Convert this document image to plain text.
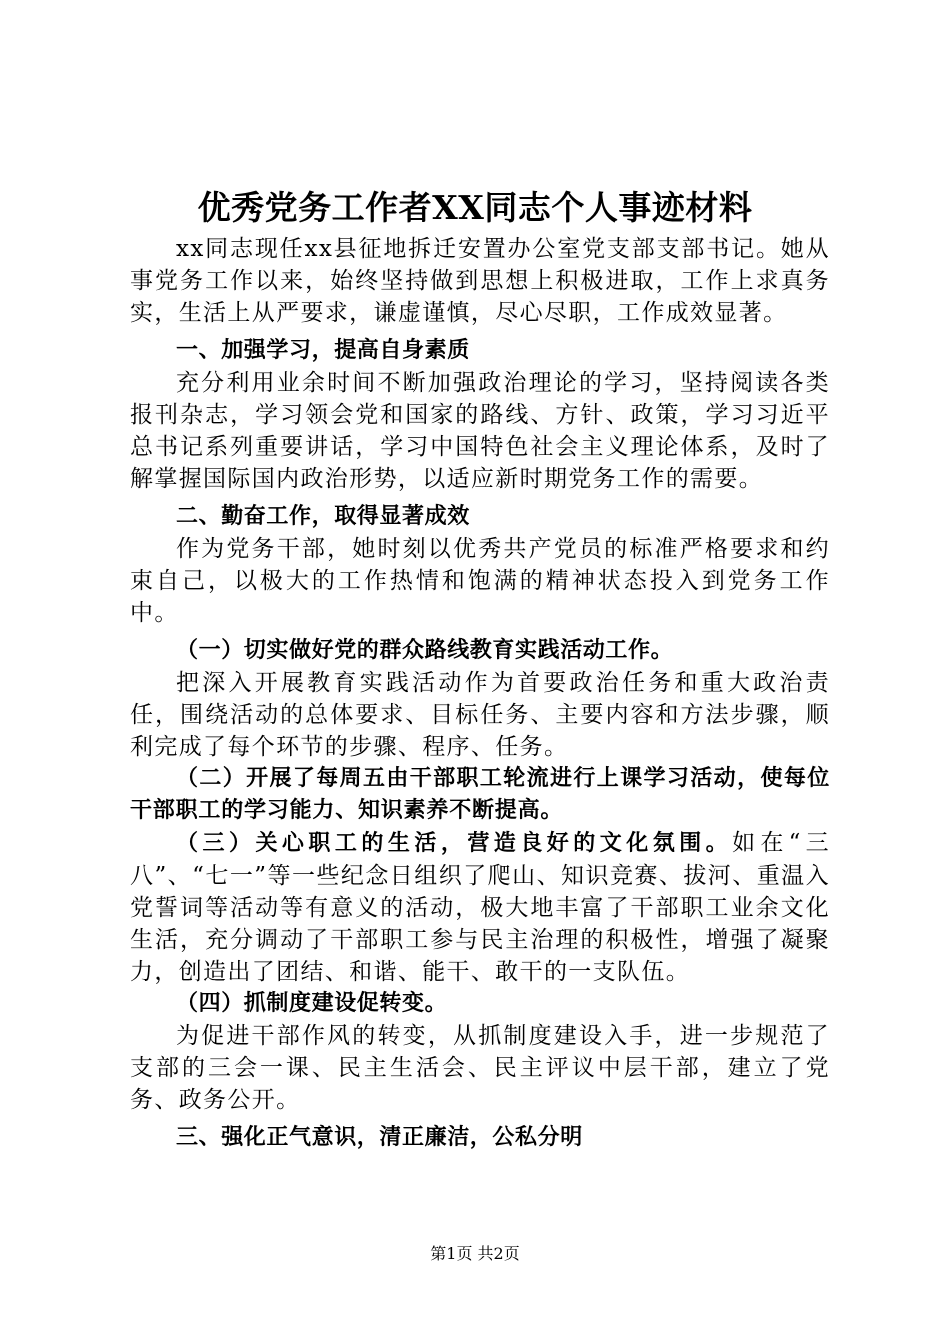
优秀党务工作者XX同志个人事迹材料

xx同志现任xx县征地拆迁安置办公室党支部支部书记。她从事党务工作以来，始终坚持做到思想上积极进取，工作上求真务实，生活上从严要求，谦虚谨慎，尽心尽职，工作成效显著。

一、加强学习，提高自身素质

充分利用业余时间不断加强政治理论的学习，坚持阅读各类报刊杂志，学习领会党和国家的路线、方针、政策，学习习近平总书记系列重要讲话，学习中国特色社会主义理论体系，及时了解掌握国际国内政治形势，以适应新时期党务工作的需要。

二、勤奋工作，取得显著成效

作为党务干部，她时刻以优秀共产党员的标准严格要求和约束自己，以极大的工作热情和饱满的精神状态投入到党务工作中。

（一）切实做好党的群众路线教育实践活动工作。

把深入开展教育实践活动作为首要政治任务和重大政治责任，围绕活动的总体要求、目标任务、主要内容和方法步骤，顺利完成了每个环节的步骤、程序、任务。

（二）开展了每周五由干部职工轮流进行上课学习活动，使每位干部职工的学习能力、知识素养不断提高。

（三）关心职工的生活，营造良好的文化氛围。如在“三八”、“七一”等一些纪念日组织了爬山、知识竞赛、拔河、重温入党誓词等活动等有意义的活动，极大地丰富了干部职工业余文化生活，充分调动了干部职工参与民主治理的积极性，增强了凝聚力，创造出了团结、和谐、能干、敢干的一支队伍。

（四）抓制度建设促转变。

为促进干部作风的转变，从抓制度建设入手，进一步规范了支部的三会一课、民主生活会、民主评议中层干部，建立了党务、政务公开。

三、强化正气意识，清正廉洁，公私分明

第1页 共2页
